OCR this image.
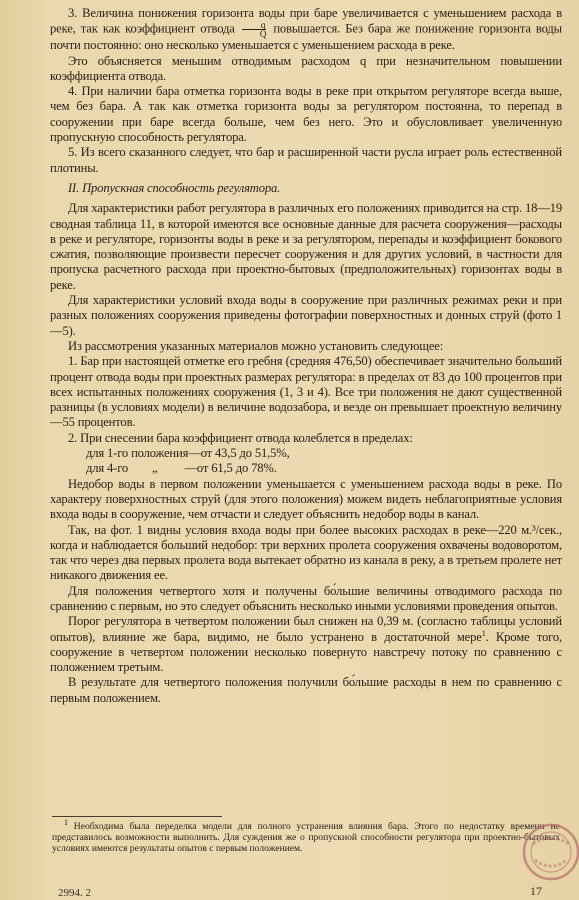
3. Величина понижения горизонта воды при баре увеличивается с уменьшением расхода в реке, так как коэффициент отвода $\frac{q}{Q}$ повышается. Без бара же понижение горизонта воды почти постоянно: оно несколько уменьшается с уменьшением расхода в реке.

Это объясняется меньшим отводимым расходом q при незначительном повышении коэффициента отвода.

4. При наличии бара отметка горизонта воды в реке при открытом регуляторе всегда выше, чем без бара. А так как отметка горизонта воды за регулятором постоянна, то перепад в сооружении при баре всегда больше, чем без него. Это и обусловливает увеличенную пропускную способность регулятора.

5. Из всего сказанного следует, что бар и расширенной части русла играет роль естественной плотины.

II. Пропускная способность регулятора.

Для характеристики работ регулятора в различных его положениях приводится на стр. 18—19 сводная таблица 11, в которой имеются все основные данные для расчета сооружения—расходы в реке и регуляторе, горизонты воды в реке и за регулятором, перепады и коэффициент бокового сжатия, позволяющие произвести пересчет сооружения и для других условий, в частности для пропуска расчетного расхода при проектно-бытовых (предположительных) горизонтах воды в реке.

Для характеристики условий входа воды в сооружение при различных режимах реки и при разных положениях сооружения приведены фотографии поверхностных и донных струй (фото 1—5).

Из рассмотрения указанных материалов можно установить следующее:

1. Бар при настоящей отметке его гребня (средняя 476,50) обеспечивает значительно больший процент отвода воды при проектных размерах регулятора: в пределах от 83 до 100 процентов при всех испытанных положениях сооружения (1, 3 и 4). Все три положения не дают существенной разницы (в условиях модели) в величине водозабора, и везде он превышает проектную величину—55 процентов.

2. При снесении бара коэффициент отвода колеблется в пределах:

для 1-го положения—от 43,5 до 51,5%,

для 4-го        „         —от 61,5 до 78%.

Недобор воды в первом положении уменьшается с уменьшением расхода воды в реке. По характеру поверхностных струй (для этого положения) можем видеть неблагоприятные условия входа воды в сооружение, чем отчасти и следует объяснить недобор воды в канал.

Так, на фот. 1 видны условия входа воды при более высоких расходах в реке—220 м.³/сек., когда и наблюдается больший недобор: три верхних пролета сооружения охвачены водоворотом, так что через два первых пролета вода вытекает обратно из канала в реку, а в третьем пролете нет никакого движения ее.

Для положения четвертого хотя и получены бо́льшие величины отводимого расхода по сравнению с первым, но это следует объяснить несколько иными условиями проведения опытов.

Порог регулятора в четвертом положении был снижен на 0,39 м. (согласно таблицы условий опытов), влияние же бара, видимо, не было устранено в достаточной мере$^1$. Кроме того, сооружение в четвертом положении несколько повернуто навстречу потоку по сравнению с положением третьим.

В результате для четвертого положения получили бо́льшие расходы в нем по сравнению с первым положением.

$^1$ Необходима была переделка модели для полного устранения влияния бара. Этого по недостатку времени не представилось возможности выполнить. Для суждения же о пропускной способности регулятора при проектно-бытовых условиях имеются результаты опытов с первым положением.
2994. 2	17
